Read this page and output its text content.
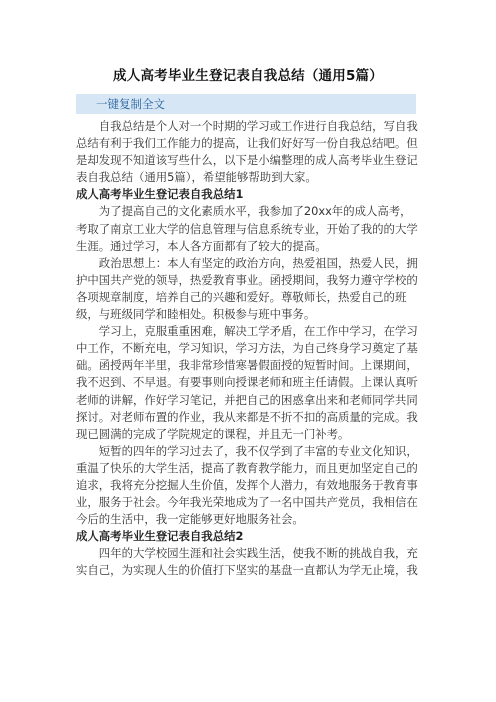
成人高考毕业生登记表自我总结（通用5篇）
一键复制全文

自我总结是个人对一个时期的学习或工作进行自我总结，写自我总结有利于我们工作能力的提高，让我们好好写一份自我总结吧。但是却发现不知道该写些什么，以下是小编整理的成人高考毕业生登记表自我总结（通用5篇），希望能够帮助到大家。

成人高考毕业生登记表自我总结1

为了提高自己的文化素质水平，我参加了20xx年的成人高考，考取了南京工业大学的信息管理与信息系统专业，开始了我的的大学生涯。通过学习，本人各方面都有了较大的提高。

政治思想上：本人有坚定的政治方向，热爱祖国，热爱人民，拥护中国共产党的领导，热爱教育事业。函授期间，我努力遵守学校的各项规章制度，培养自己的兴趣和爱好。尊敬师长，热爱自己的班级，与班级同学和睦相处。积极参与班中事务。

学习上，克服重重困难，解决工学矛盾，在工作中学习，在学习中工作，不断充电，学习知识，学习方法，为自己终身学习奠定了基础。函授两年半里，我非常珍惜寒暑假面授的短暂时间。上课期间，我不迟到、不早退。有要事则向授课老师和班主任请假。上课认真听老师的讲解，作好学习笔记，并把自己的困惑拿出来和老师同学共同探讨。对老师布置的作业，我从来都是不折不扣的高质量的完成。我现已圆满的完成了学院规定的课程，并且无一门补考。

短暂的四年的学习过去了，我不仅学到了丰富的专业文化知识，重温了快乐的大学生活，提高了教育教学能力，而且更加坚定自己的追求，我将充分挖掘人生价值，发挥个人潜力，有效地服务于教育事业，服务于社会。今年我光荣地成为了一名中国共产党员，我相信在今后的生活中，我一定能够更好地服务社会。

成人高考毕业生登记表自我总结2

四年的大学校园生涯和社会实践生活，使我不断的挑战自我，充实自己，为实现人生的价值打下坚实的基盘一直都认为学无止境，我
